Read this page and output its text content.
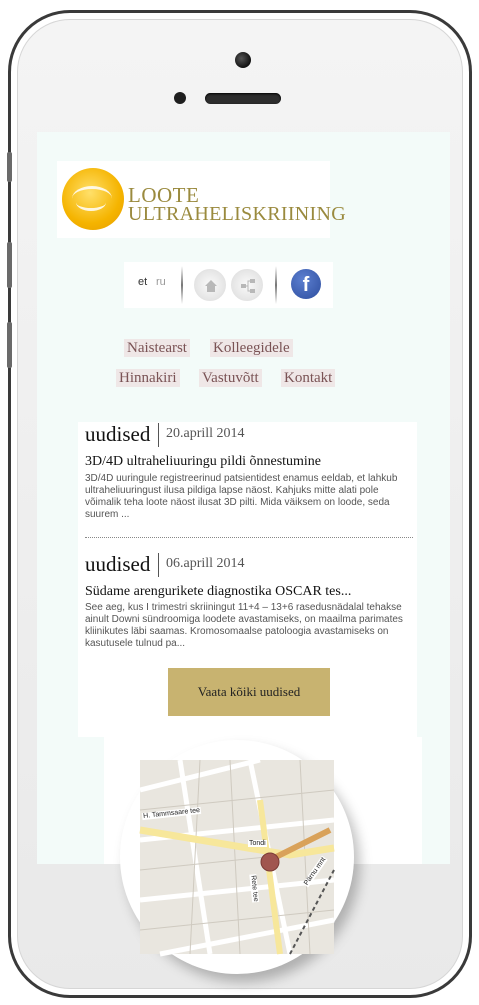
LOOTE
ULTRAHELISKRIINING
et ru	f
Naistearst Kolleegidele
Hinnakiri Vastuvõtt Kontakt
uudised 20.aprill 2014
3D/4D ultraheliuuringu pildi õnnestumine
3D/4D uuringule registreerinud patsientidest enamus eeldab, et lahkub ultraheliuuringust ilusa pildiga lapse näost. Kahjuks mitte alati pole võimalik teha loote näost ilusat 3D pilti. Mida väiksem on loode, seda suurem ...
uudised 06.aprill 2014
Südame arengurikete diagnostika OSCAR tes...
See aeg, kus I trimestri skriiningut 11+4 – 13+6 rasedusnädalal tehakse ainult Downi sündroomiga loodete avastamiseks, on maailma parimates kliinikutes läbi saamas. Kromosomaalse patoloogia avastamiseks on kasutusele tulnud pa...
Vaata kõiki uudised
H. Tammsaare tee
Tondi
Rete tee
Pärnu mnt
